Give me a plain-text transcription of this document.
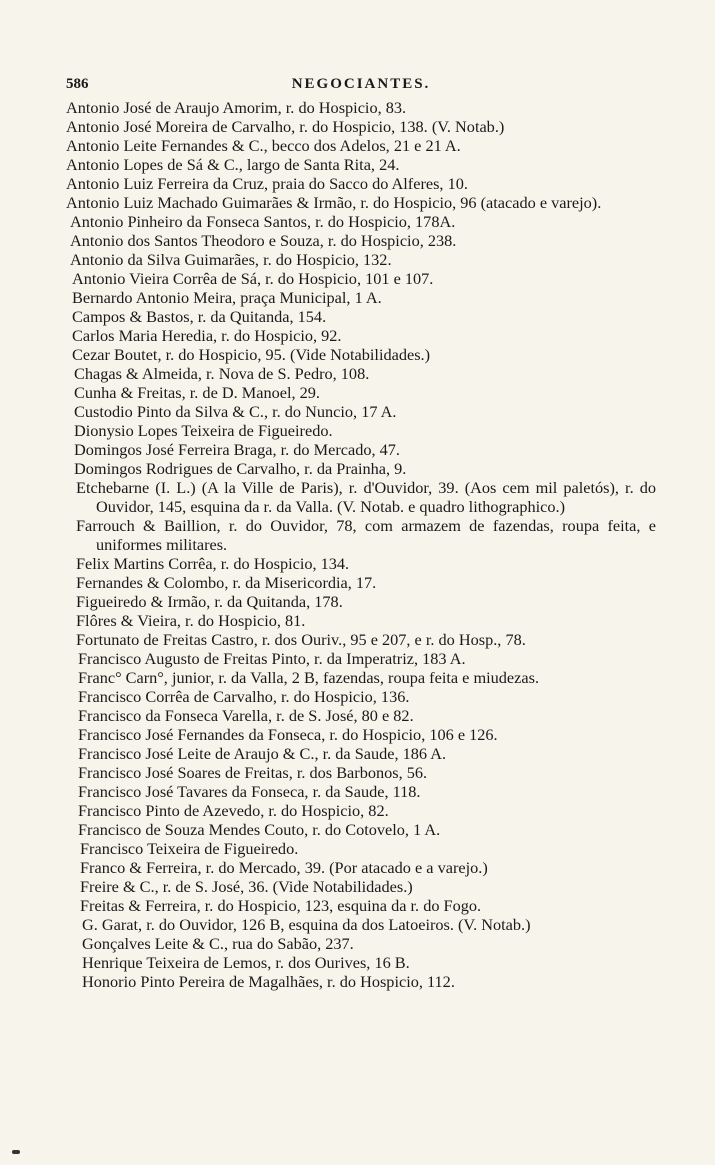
586	NEGOCIANTES.

Antonio José de Araujo Amorim, r. do Hospicio, 83.

Antonio José Moreira de Carvalho, r. do Hospicio, 138. (V. Notab.)

Antonio Leite Fernandes & C., becco dos Adelos, 21 e 21 A.

Antonio Lopes de Sá & C., largo de Santa Rita, 24.

Antonio Luiz Ferreira da Cruz, praia do Sacco do Alferes, 10.

Antonio Luiz Machado Guimarães & Irmão, r. do Hospicio, 96 (atacado e varejo).

Antonio Pinheiro da Fonseca Santos, r. do Hospicio, 178A.

Antonio dos Santos Theodoro e Souza, r. do Hospicio, 238.

Antonio da Silva Guimarães, r. do Hospicio, 132.

Antonio Vieira Corrêa de Sá, r. do Hospicio, 101 e 107.

Bernardo Antonio Meira, praça Municipal, 1 A.

Campos & Bastos, r. da Quitanda, 154.

Carlos Maria Heredia, r. do Hospicio, 92.

Cezar Boutet, r. do Hospicio, 95. (Vide Notabilidades.)

Chagas & Almeida, r. Nova de S. Pedro, 108.

Cunha & Freitas, r. de D. Manoel, 29.

Custodio Pinto da Silva & C., r. do Nuncio, 17 A.

Dionysio Lopes Teixeira de Figueiredo.

Domingos José Ferreira Braga, r. do Mercado, 47.

Domingos Rodrigues de Carvalho, r. da Prainha, 9.

Etchebarne (I. L.) (A la Ville de Paris), r. d'Ouvidor, 39. (Aos cem mil paletós), r. do Ouvidor, 145, esquina da r. da Valla. (V. Notab. e quadro lithographico.)

Farrouch & Baillion, r. do Ouvidor, 78, com armazem de fazendas, roupa feita, e uniformes militares.

Felix Martins Corrêa, r. do Hospicio, 134.

Fernandes & Colombo, r. da Misericordia, 17.

Figueiredo & Irmão, r. da Quitanda, 178.

Flôres & Vieira, r. do Hospicio, 81.

Fortunato de Freitas Castro, r. dos Ouriv., 95 e 207, e r. do Hosp., 78.

Francisco Augusto de Freitas Pinto, r. da Imperatriz, 183 A.

Franc° Carn°, junior, r. da Valla, 2 B, fazendas, roupa feita e miudezas.

Francisco Corrêa de Carvalho, r. do Hospicio, 136.

Francisco da Fonseca Varella, r. de S. José, 80 e 82.

Francisco José Fernandes da Fonseca, r. do Hospicio, 106 e 126.

Francisco José Leite de Araujo & C., r. da Saude, 186 A.

Francisco José Soares de Freitas, r. dos Barbonos, 56.

Francisco José Tavares da Fonseca, r. da Saude, 118.

Francisco Pinto de Azevedo, r. do Hospicio, 82.

Francisco de Souza Mendes Couto, r. do Cotovelo, 1 A.

Francisco Teixeira de Figueiredo.

Franco & Ferreira, r. do Mercado, 39. (Por atacado e a varejo.)

Freire & C., r. de S. José, 36. (Vide Notabilidades.)

Freitas & Ferreira, r. do Hospicio, 123, esquina da r. do Fogo.

G. Garat, r. do Ouvidor, 126 B, esquina da dos Latoeiros. (V. Notab.)

Gonçalves Leite & C., rua do Sabão, 237.

Henrique Teixeira de Lemos, r. dos Ourives, 16 B.

Honorio Pinto Pereira de Magalhães, r. do Hospicio, 112.
